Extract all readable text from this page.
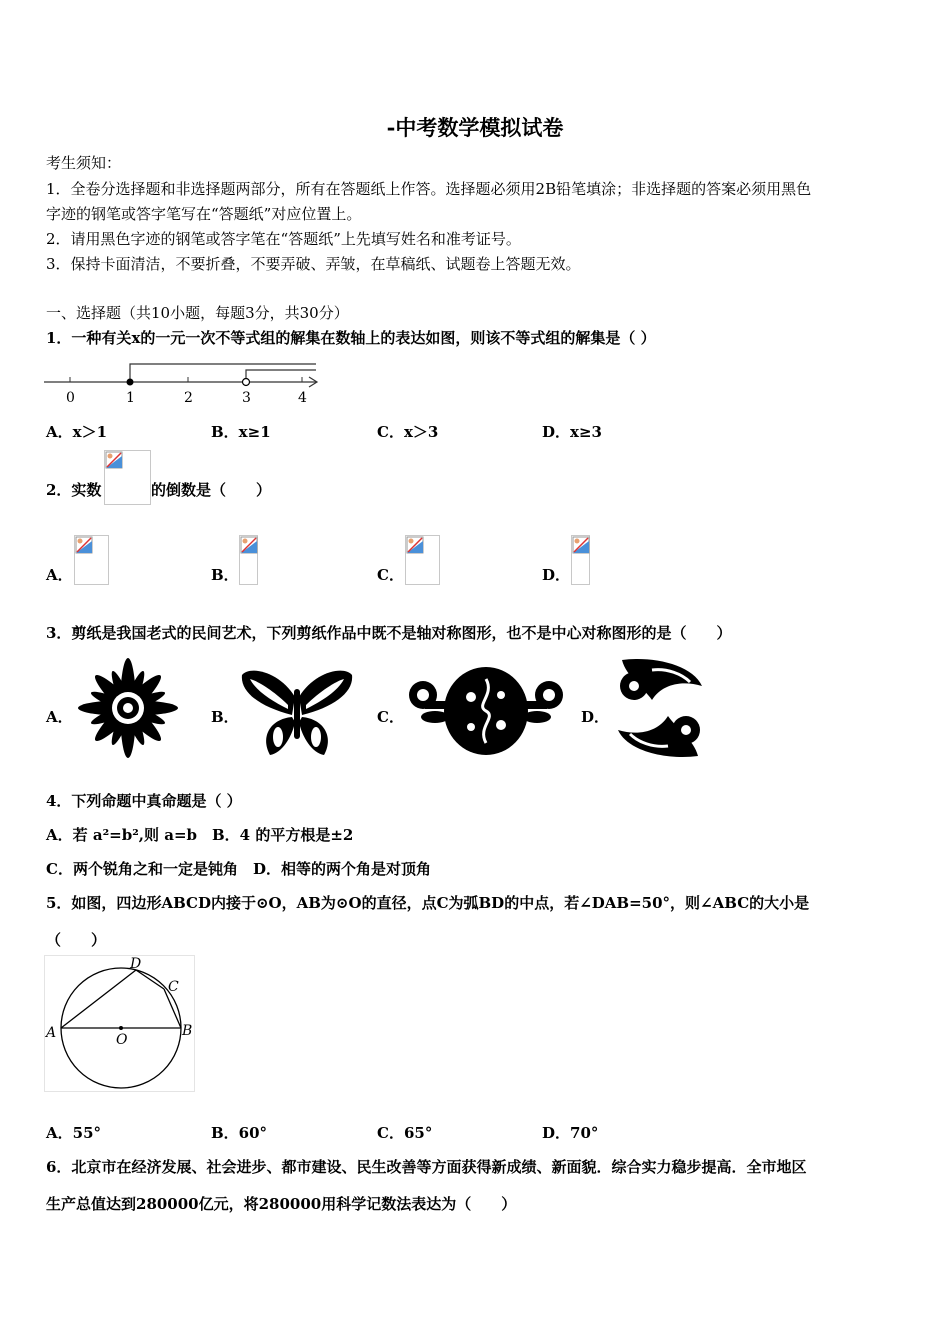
-中考数学模拟试卷
考生须知：
1．全卷分选择题和非选择题两部分，所有在答题纸上作答。选择题必须用2B铅笔填涂；非选择题的答案必须用黑色
字迹的钢笔或答字笔写在“答题纸”对应位置上。
2．请用黑色字迹的钢笔或答字笔在“答题纸”上先填写姓名和准考证号。
3．保持卡面清洁，不要折叠，不要弄破、弄皱，在草稿纸、试题卷上答题无效。
一、选择题（共10小题，每题3分，共30分）
1．一种有关x的一元一次不等式组的解集在数轴上的表达如图，则该不等式组的解集是（ ）
0	1	2	3	4
A．x＞1	B．x≥1	C．x＞3	D．x≥3
2．实数	的倒数是（　　）
A．	B．	C．	D．
3．剪纸是我国老式的民间艺术，下列剪纸作品中既不是轴对称图形，也不是中心对称图形的是（　　）
A．	B．	C．	D．
4．下列命题中真命题是（ ）
A．若 a²=b²,则 a=b　B．4 的平方根是±2
C．两个锐角之和一定是钝角　D．相等的两个角是对顶角
5．如图，四边形ABCD内接于⊙O，AB为⊙O的直径，点C为弧BD的中点，若∠DAB=50°，则∠ABC的大小是
（　　）
A	B
C
D
O
A．55°	B．60°	C．65°	D．70°
6．北京市在经济发展、社会进步、都市建设、民生改善等方面获得新成绩、新面貌．综合实力稳步提高．全市地区
生产总值达到280000亿元，将280000用科学记数法表达为（　　）
